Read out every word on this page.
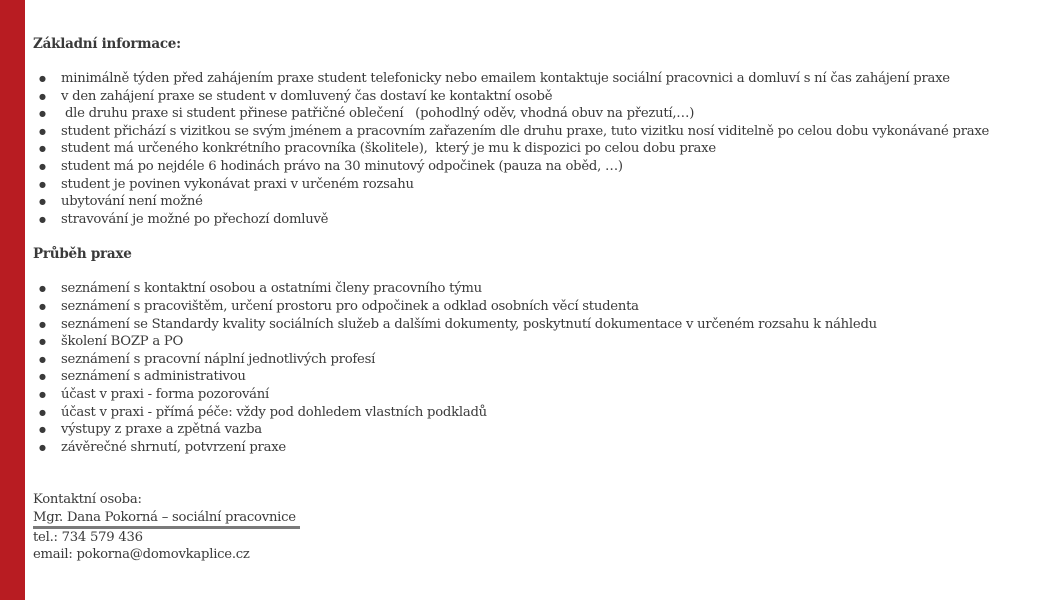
Základní informace:
● minimálně týden před zahájením praxe student telefonicky nebo emailem kontaktuje sociální pracovnici a domluví s ní čas zahájení praxe
● v den zahájení praxe se student v domluvený čas dostaví ke kontaktní osobě
●  dle druhu praxe si student přinese patřičné oblečení   (pohodlný oděv, vhodná obuv na přezutí,…)
● student přichází s vizitkou se svým jménem a pracovním zařazením dle druhu praxe, tuto vizitku nosí viditelně po celou dobu vykonávané praxe
● student má určeného konkrétního pracovníka (školitele),  který je mu k dispozici po celou dobu praxe
● student má po nejdéle 6 hodinách právo na 30 minutový odpočinek (pauza na oběd, …)
● student je povinen vykonávat praxi v určeném rozsahu
● ubytování není možné
● stravování je možné po přechozí domluvě
Průběh praxe
● seznámení s kontaktní osobou a ostatními členy pracovního týmu
● seznámení s pracovištěm, určení prostoru pro odpočinek a odklad osobních věcí studenta
● seznámení se Standardy kvality sociálních služeb a dalšími dokumenty, poskytnutí dokumentace v určeném rozsahu k náhledu
● školení BOZP a PO
● seznámení s pracovní náplní jednotlivých profesí
● seznámení s administrativou
● účast v praxi - forma pozorování
● účast v praxi - přímá péče: vždy pod dohledem vlastních podkladů
● výstupy z praxe a zpětná vazba
● závěrečné shrnutí, potvrzení praxe
Kontaktní osoba:
Mgr. Dana Pokorná – sociální pracovnice
tel.: 734 579 436
email: pokorna@domovkaplice.cz
